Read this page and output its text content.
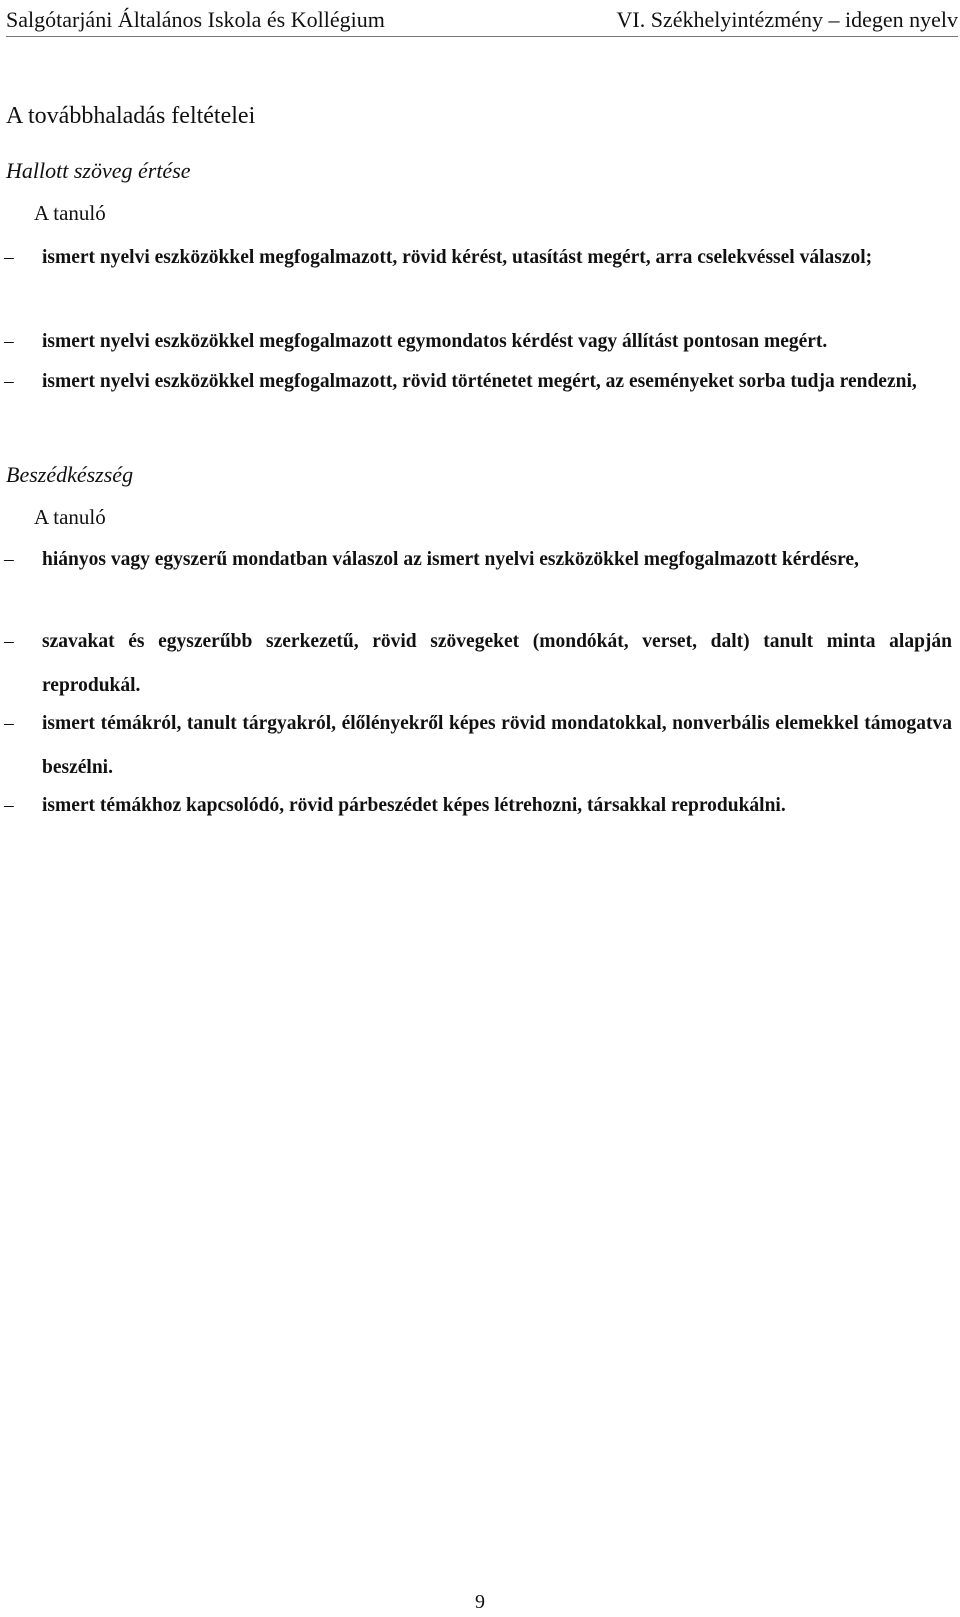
Salgótarjáni Általános Iskola és Kollégium	VI. Székhelyintézmény – idegen nyelv
A továbbhaladás feltételei
Hallott szöveg értése
A tanuló
–	ismert nyelvi eszközökkel megfogalmazott, rövid kérést, utasítást megért, arra cselekvéssel válaszol;
–	ismert nyelvi eszközökkel megfogalmazott egymondatos kérdést vagy állítást pontosan megért.
–	ismert nyelvi eszközökkel megfogalmazott, rövid történetet megért, az eseményeket sorba tudja rendezni,
Beszédkészség
A tanuló
–	hiányos vagy egyszerű mondatban válaszol az ismert nyelvi eszközökkel megfogalmazott kérdésre,
–	szavakat és egyszerűbb szerkezetű, rövid szövegeket (mondókát, verset, dalt) tanult minta alapján reprodukál.
–	ismert témákról, tanult tárgyakról, élőlényekről képes rövid mondatokkal, nonverbális elemekkel támogatva beszélni.
–	ismert témákhoz kapcsolódó, rövid párbeszédet képes létrehozni, társakkal reprodukálni.
9
